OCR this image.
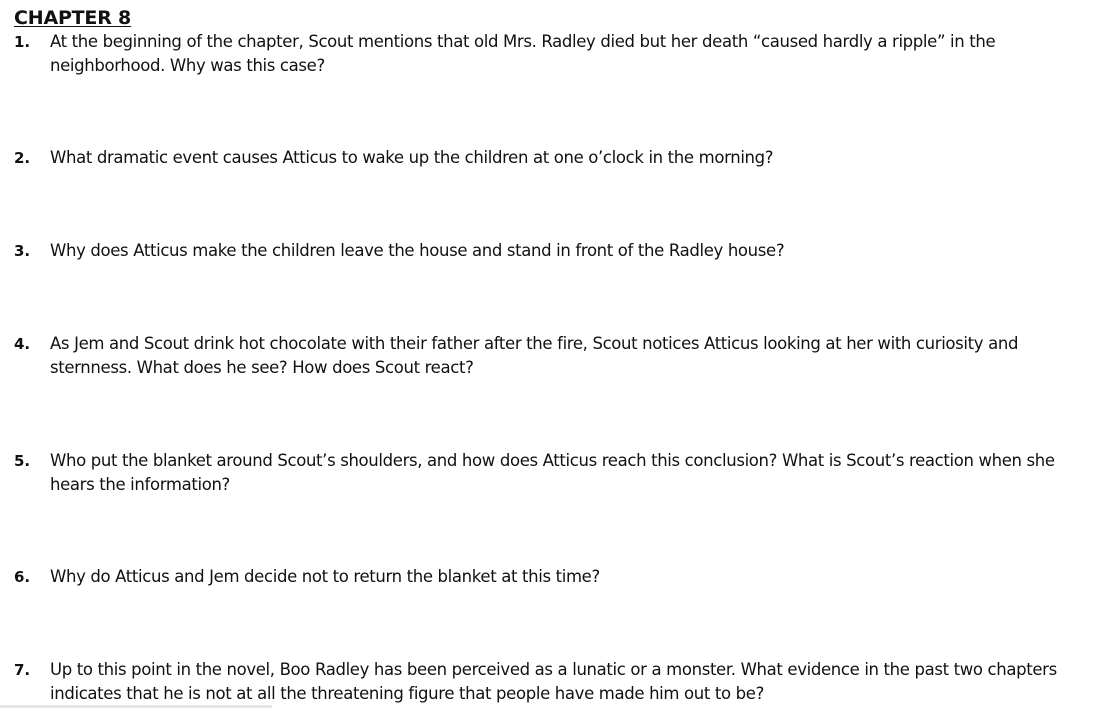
CHAPTER 8
1. At the beginning of the chapter, Scout mentions that old Mrs. Radley died but her death “caused hardly a ripple” in the neighborhood. Why was this case?
2. What dramatic event causes Atticus to wake up the children at one o’clock in the morning?
3. Why does Atticus make the children leave the house and stand in front of the Radley house?
4. As Jem and Scout drink hot chocolate with their father after the fire, Scout notices Atticus looking at her with curiosity and sternness. What does he see? How does Scout react?
5. Who put the blanket around Scout’s shoulders, and how does Atticus reach this conclusion? What is Scout’s reaction when she hears the information?
6. Why do Atticus and Jem decide not to return the blanket at this time?
7. Up to this point in the novel, Boo Radley has been perceived as a lunatic or a monster. What evidence in the past two chapters indicates that he is not at all the threatening figure that people have made him out to be?
